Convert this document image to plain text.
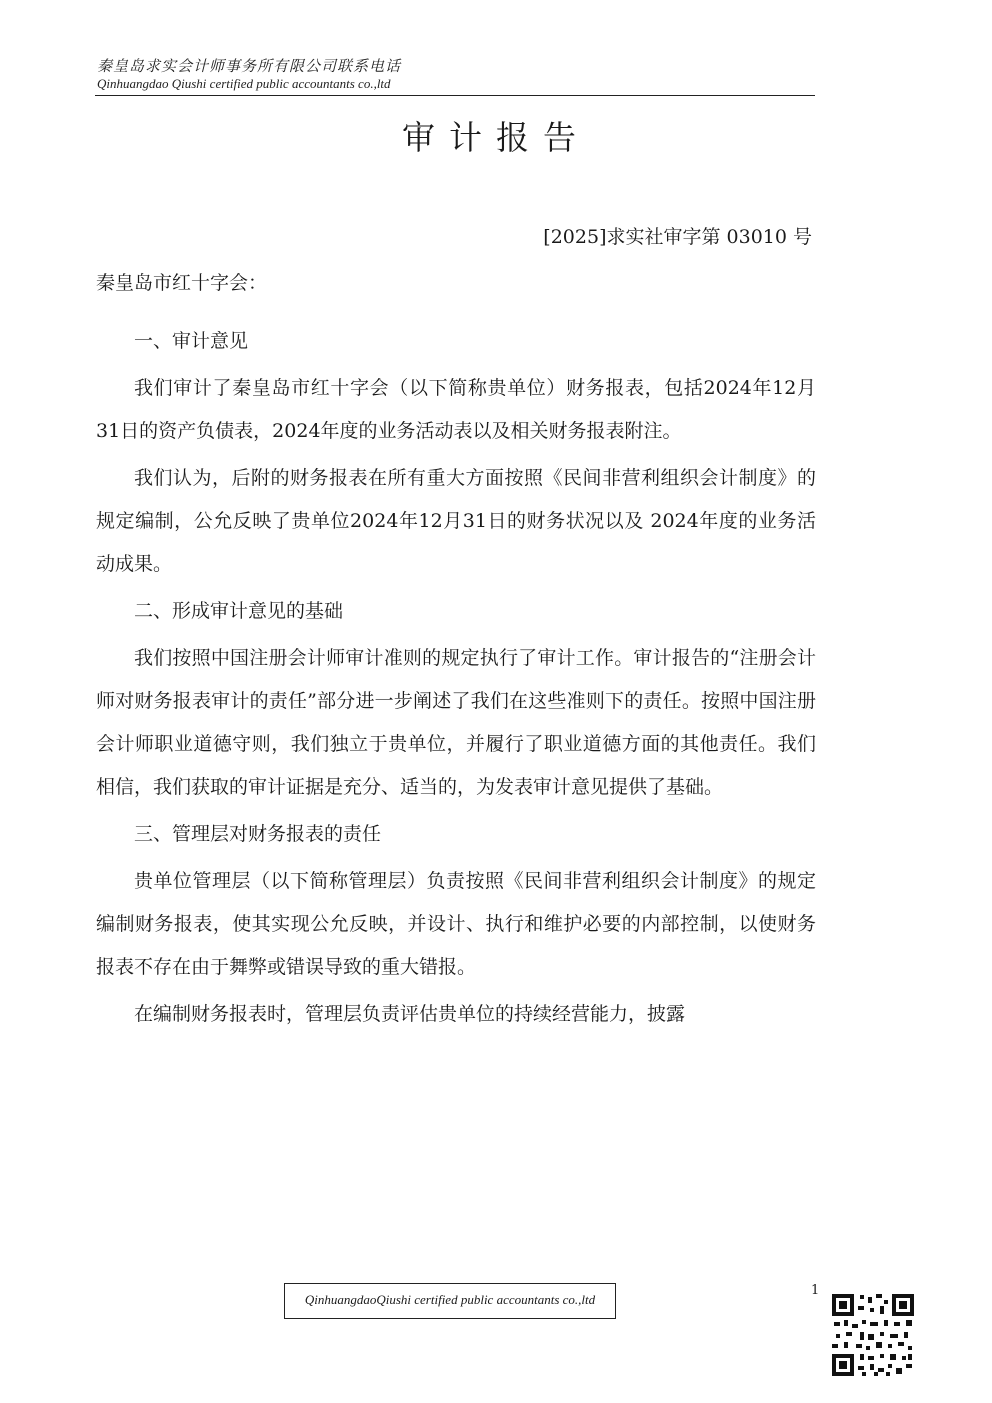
秦皇岛求实会计师事务所有限公司联系电话
Qinhuangdao Qiushi certified public accountants co.,ltd
审计报告
[2025]求实社审字第 03010 号
秦皇岛市红十字会：

一、审计意见

我们审计了秦皇岛市红十字会（以下简称贵单位）财务报表，包括2024年12月31日的资产负债表，2024年度的业务活动表以及相关财务报表附注。

我们认为，后附的财务报表在所有重大方面按照《民间非营利组织会计制度》的规定编制，公允反映了贵单位2024年12月31日的财务状况以及 2024年度的业务活动成果。

二、形成审计意见的基础

我们按照中国注册会计师审计准则的规定执行了审计工作。审计报告的“注册会计师对财务报表审计的责任”部分进一步阐述了我们在这些准则下的责任。按照中国注册会计师职业道德守则，我们独立于贵单位，并履行了职业道德方面的其他责任。我们相信，我们获取的审计证据是充分、适当的，为发表审计意见提供了基础。

三、管理层对财务报表的责任

贵单位管理层（以下简称管理层）负责按照《民间非营利组织会计制度》的规定编制财务报表，使其实现公允反映，并设计、执行和维护必要的内部控制，以使财务报表不存在由于舞弊或错误导致的重大错报。

在编制财务报表时，管理层负责评估贵单位的持续经营能力，披露

1
QinhuangdaoQiushi certified public accountants co.,ltd
